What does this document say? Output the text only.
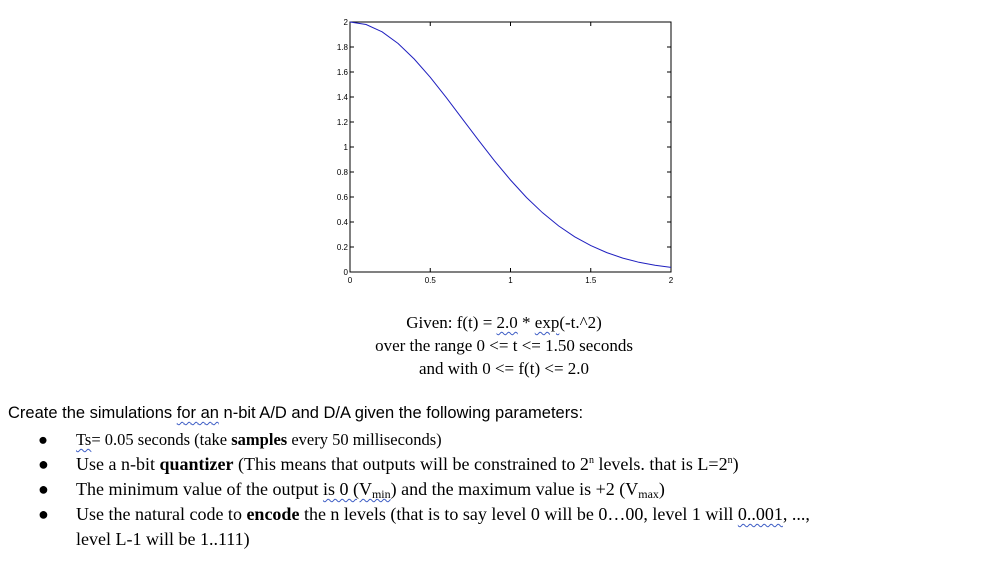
0	0.5	1	1.5	2
0
0.2
0.4
0.6
0.8
1
1.2
1.4
1.6
1.8
2
Given: f(t) = 2.0 * exp(-t.^2)
over the range 0 <= t <= 1.50 seconds
and with 0 <= f(t) <= 2.0
Create the simulations for an n-bit A/D and D/A given the following parameters:
● Ts= 0.05 seconds (take samples every 50 milliseconds)
● Use a n-bit quantizer (This means that outputs will be constrained to 2$^n$ levels. that is $L=2^n$)
● The minimum value of the output is 0 $(V_{min})$ and the maximum value is +2 $(V_{max})$
● Use the natural code to encode the n levels (that is to say level 0 will be 0…00, level 1 will 0..001, ...,
level L-1 will be 1..111)
